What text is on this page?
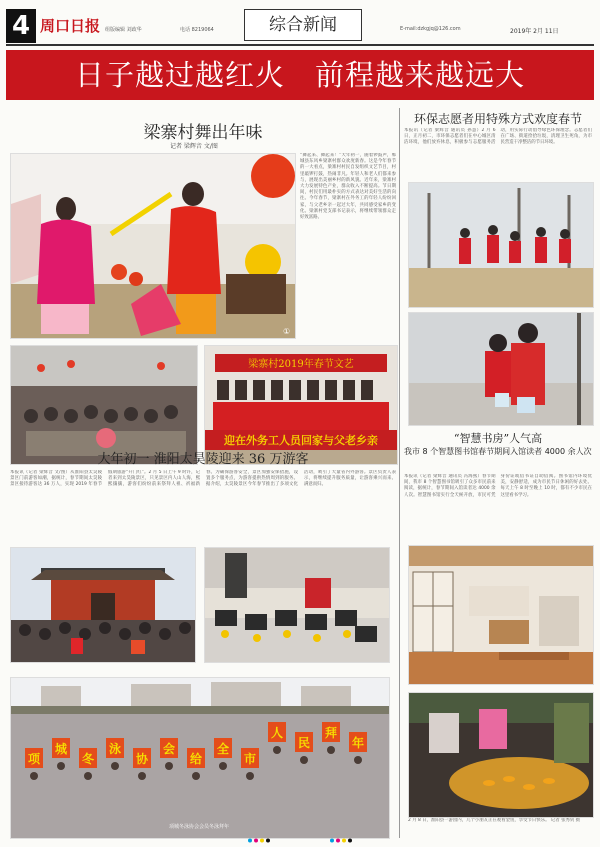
4 周口日报 组版编辑 刘政华	电话 8219064	综合新闻	E-mail:dzkgjq@126.com	2019年 2月 11日
日子越过越红火　前程越来越远大
梁寨村舞出年味
记者 梁辉音 文/图
①
“舞起来、舞起来！”大年初一，随着锣鼓声，郸城县东风乡梁寨村群众欢度新春。这是今年春节的一大看点，梁寨村村民自发组织文艺节目，村里敲锣打鼓，热闹非凡。年轻人和老人们都来参与，展现出美丽乡村的新风貌。近年来，梁寨村大力发展特色产业，群众收入不断提高。节日期间，村民们用最朴实的方式表达对美好生活的向往。今年春节，梁寨村在外务工的年轻人纷纷回家，与父老乡亲一起过大年，共同感受家乡的变化。梁寨村党支部书记表示，将继续带领群众走好致富路。
梁寨村2019年春节文艺
迎在外务工人员回家与父老乡亲
大年初一 淮阳太昊陵迎来 36 万游客
本报讯（记者 梁辉音 文/图）从淮阳县太昊陵景区门前游客如潮，据统计，春节期间太昊陵景区接待游客达 36 万人，实现 2019 年春节假期旅游“开门红”。2 月 5 日上午 9 时许，记者来到太昊陵景区，只见景区内人山人海，熙熙攘攘，游客们纷纷前来祭拜人祖、祈福新春。为确保游客安全，景区加强安保措施，设置多个服务点，为游客提供热情周到的服务。据介绍，太昊陵景区今年春节推出了多项文化活动，吸引了大量省内外游客。景区负责人表示，将继续提升服务质量，让游客乘兴而来、满意而归。
项
城
冬
泳
协
会
给
全
市
人
民
拜
年
项城冬泳协会会员冬泳拜年
环保志愿者用特殊方式欢度春节
本报讯（记者 梁辉音 通讯员 孙慧）2 月 6 日，正月初二，市环保志愿者们在中心城区清洁环境，他们放弃休息，积极参与志愿服务活动，用实际行动倡导绿色环保理念。志愿者们在广场、街道捡拾垃圾，清理卫生死角，为市民营造干净整洁的节日环境。
“智慧书房”人气高
我市 8 个智慧图书馆春节期间入馆读者 4000 余人次
本报讯（记者 梁辉音 通讯员 冯海燕）春节期间，我市 8 个智慧图书馆吸引了众多市民前来阅读，据统计，春节期间入馆读者达 4000 余人次。智慧图书馆实行全天候开放，市民可凭身份证或借书证自助借阅。图书馆内环境优美，安静舒适，成为市民节日休闲的好去处。每天上午 8 时至晚上 10 时，都有不少市民在这里看书学习。
2 月 8 日，淮阳县一游园内，几个小朋友正在观看金鱼，享受节日快乐。 记者 张秀钊 摄
